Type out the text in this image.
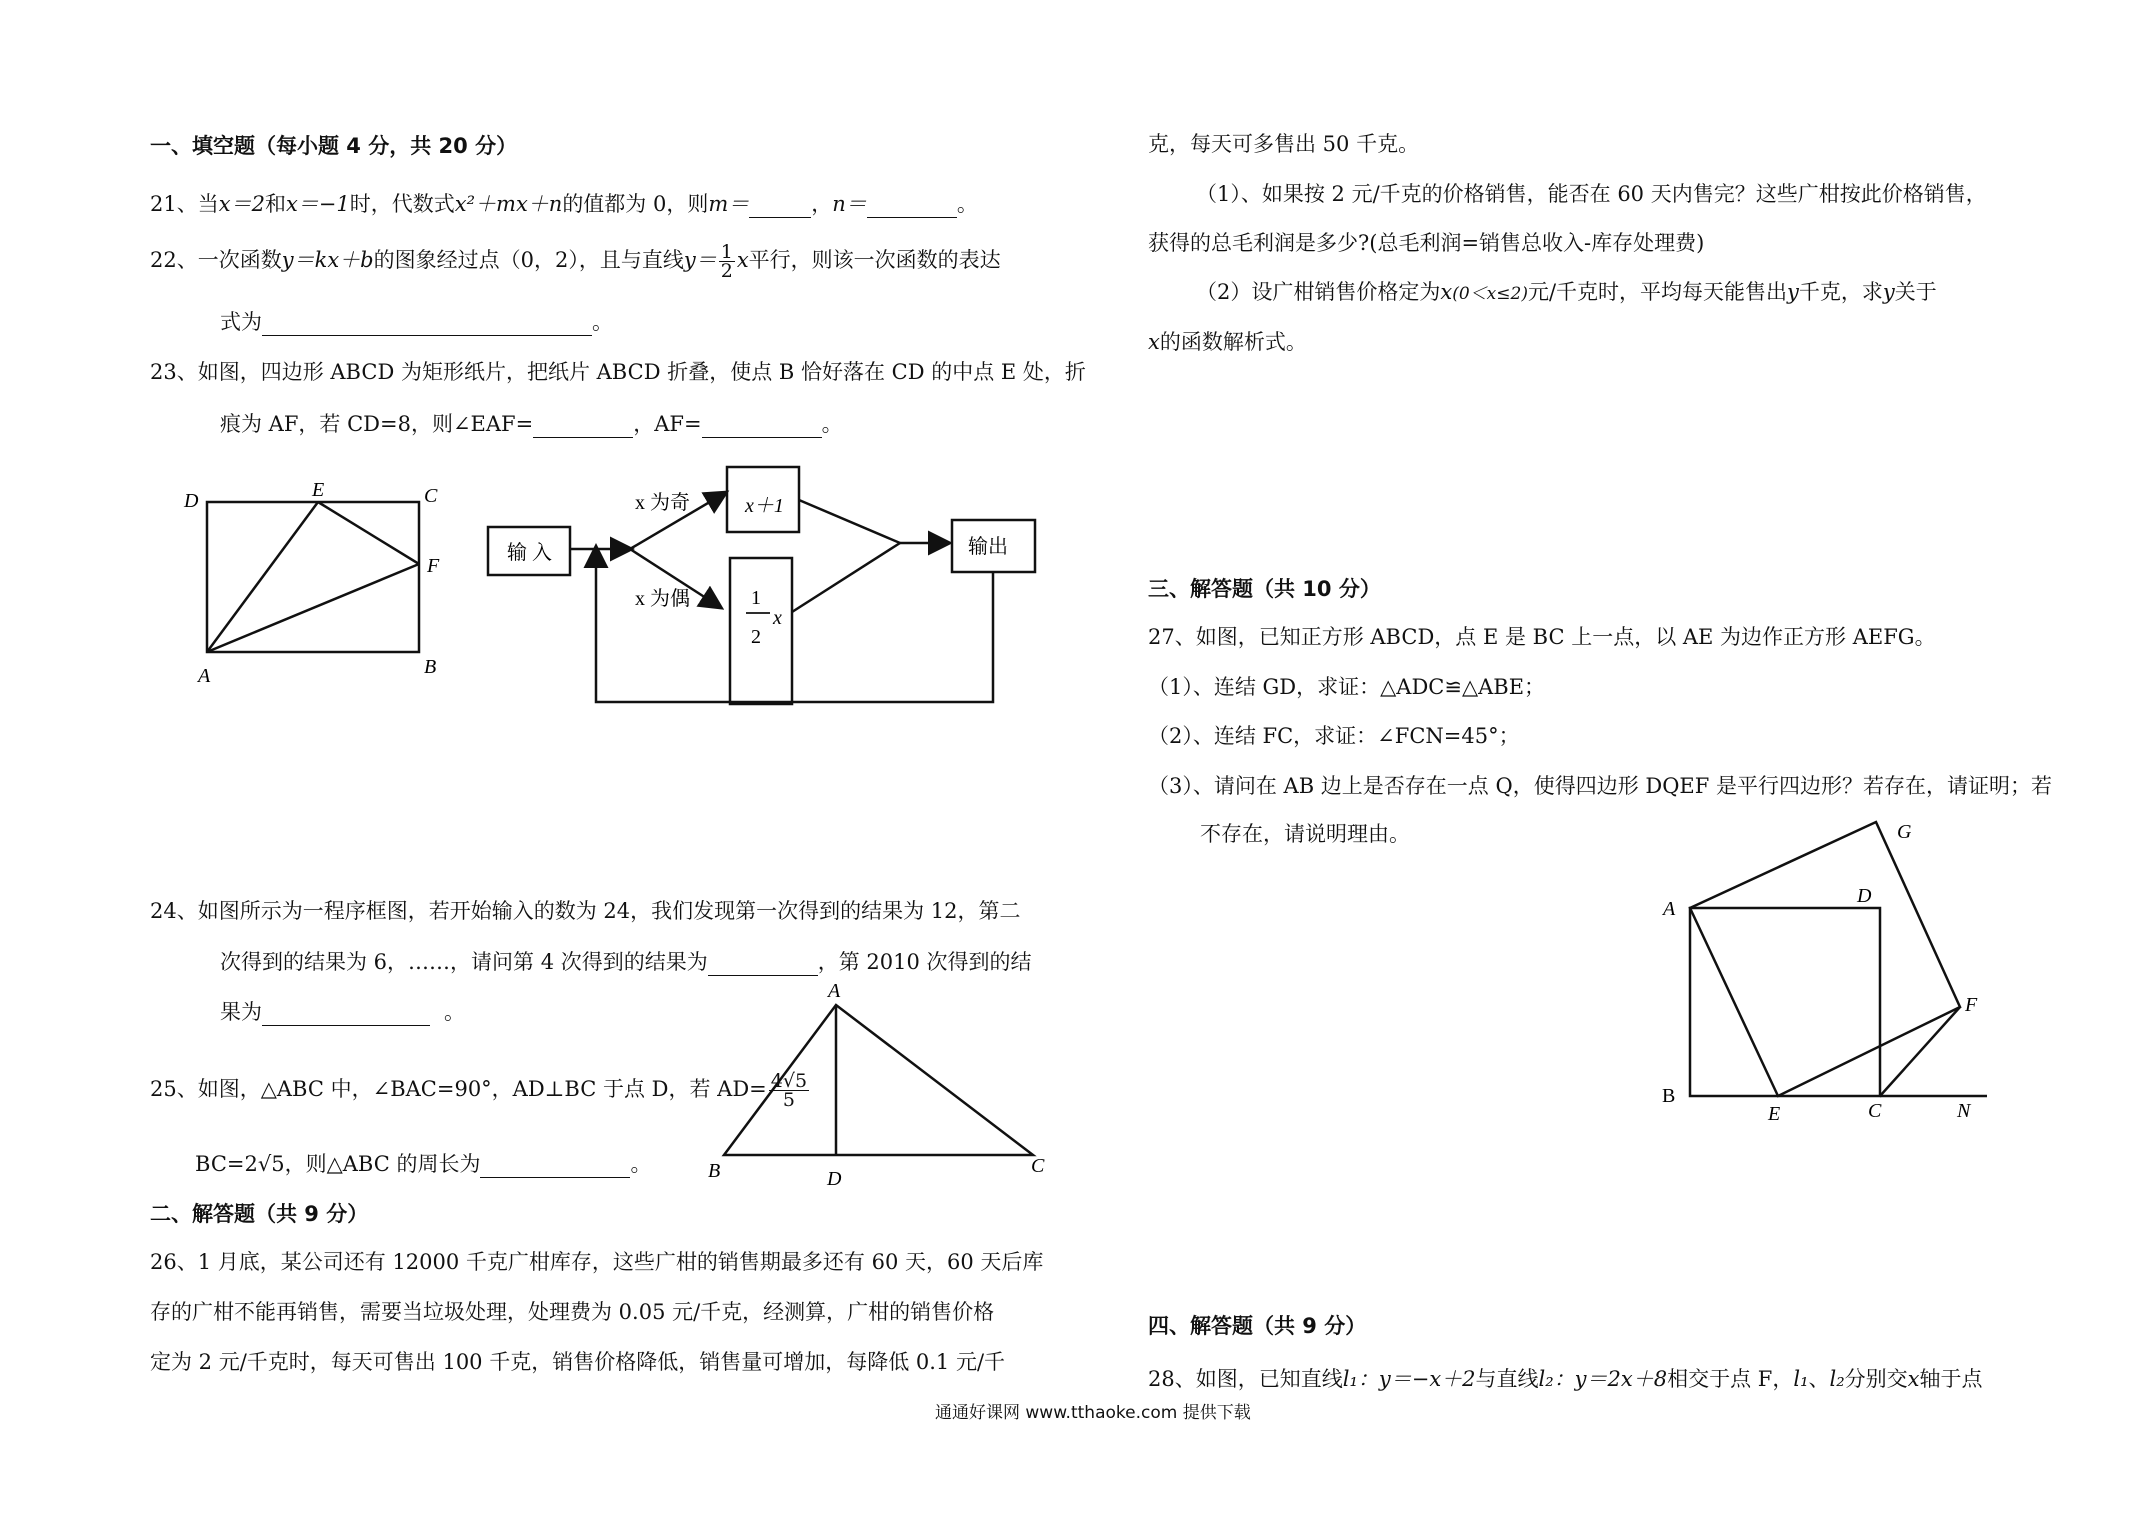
一、填空题（每小题 4 分，共 20 分）
21、当x＝2和x＝−1时，代数式x²＋mx＋n的值都为 0，则m＝	，n＝	。
22、一次函数y＝kx＋b的图象经过点（0，2），且与直线$y= \frac{1}{2}$ x平行，则该一次函数的表达
式为	。
23、如图，四边形 ABCD 为矩形纸片，把纸片 ABCD 折叠，使点 B 恰好落在 CD 的中点 E 处，折
痕为 AF，若 CD=8，则∠EAF=	，AF=	。
D	E	C
F
A	B
输 入
x 为奇
x 为偶
x＋1
1
2
x
输出
24、如图所示为一程序框图，若开始输入的数为 24，我们发现第一次得到的结果为 12，第二
次得到的结果为 6，……，请问第 4 次得到的结果为	，第 2010 次得到的结
果为	。
25、如图，△ABC 中，∠BAC=90°，AD⊥BC 于点 D，若 $AD= \frac{4√5}{5}$
BC=2√5，则△ABC 的周长为	。
A
B	D
C
二、解答题（共 9 分）
26、1 月底，某公司还有 12000 千克广柑库存，这些广柑的销售期最多还有 60 天，60 天后库
存的广柑不能再销售，需要当垃圾处理，处理费为 0.05 元/千克，经测算，广柑的销售价格
定为 2 元/千克时，每天可售出 100 千克，销售价格降低，销售量可增加，每降低 0.1 元/千
克，每天可多售出 50 千克。
（1）、如果按 2 元/千克的价格销售，能否在 60 天内售完？这些广柑按此价格销售，
获得的总毛利润是多少?(总毛利润=销售总收入-库存处理费)
（2）设广柑销售价格定为x(0＜x≤2)元/千克时，平均每天能售出y千克，求y关于
x的函数解析式。
三、解答题（共 10 分）
27、如图，已知正方形 ABCD，点 E 是 BC 上一点，以 AE 为边作正方形 AEFG。
（1）、连结 GD，求证：△ADC≌△ABE；
（2）、连结 FC，求证：∠FCN=45°；
（3）、请问在 AB 边上是否存在一点 Q，使得四边形 DQEF 是平行四边形？若存在，请证明；若
不存在，请说明理由。
A
G
D
F
B
E	C	N
四、解答题（共 9 分）
28、如图，已知直线l₁：y＝−x＋2与直线l₂：y＝2x＋8相交于点 F，l₁、l₂分别交x轴于点
通通好课网 www.tthaoke.com 提供下载
